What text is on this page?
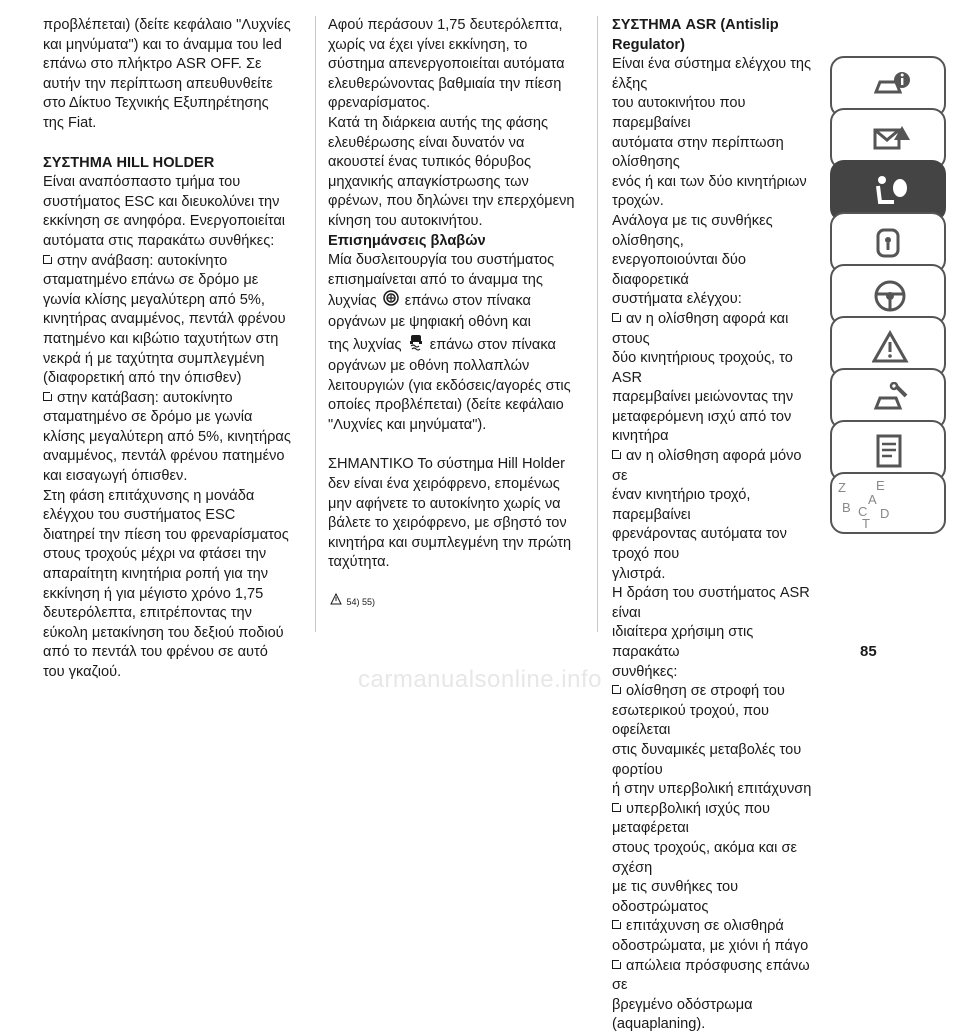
προβλέπεται) (δείτε κεφάλαιο "Λυχνίες

και μηνύματα") και το άναμμα του led

επάνω στο πλήκτρο ASR OFF. Σε

αυτήν την περίπτωση απευθυνθείτε

στο Δίκτυο Τεχνικής Εξυπηρέτησης

της Fiat.

ΣΥΣΤΗΜΑ HILL HOLDER

Είναι αναπόσπαστο τμήμα του

συστήματος ESC και διευκολύνει την

εκκίνηση σε ανηφόρα. Ενεργοποιείται

αυτόματα στις παρακάτω συνθήκες:

στην ανάβαση: αυτοκίνητο

σταματημένο επάνω σε δρόμο με

γωνία κλίσης μεγαλύτερη από 5%,

κινητήρας αναμμένος, πεντάλ φρένου

πατημένο και κιβώτιο ταχυτήτων στη

νεκρά ή με ταχύτητα συμπλεγμένη

(διαφορετική από την όπισθεν)

στην κατάβαση: αυτοκίνητο

σταματημένο σε δρόμο με γωνία

κλίσης μεγαλύτερη από 5%, κινητήρας

αναμμένος, πεντάλ φρένου πατημένο

και εισαγωγή όπισθεν.

Στη φάση επιτάχυνσης η μονάδα

ελέγχου του συστήματος ESC

διατηρεί την πίεση του φρεναρίσματος

στους τροχούς μέχρι να φτάσει την

απαραίτητη κινητήρια ροπή για την

εκκίνηση ή για μέγιστο χρόνο 1,75

δευτερόλεπτα, επιτρέποντας την

εύκολη μετακίνηση του δεξιού ποδιού

από το πεντάλ του φρένου σε αυτό

του γκαζιού.

Αφού περάσουν 1,75 δευτερόλεπτα,

χωρίς να έχει γίνει εκκίνηση, το

σύστημα απενεργοποιείται αυτόματα

ελευθερώνοντας βαθμιαία την πίεση

φρεναρίσματος.

Κατά τη διάρκεια αυτής της φάσης

ελευθέρωσης είναι δυνατόν να

ακουστεί ένας τυπικός θόρυβος

μηχανικής απαγκίστρωσης των

φρένων, που δηλώνει την επερχόμενη

κίνηση του αυτοκινήτου.

Επισημάνσεις βλαβών

Μία δυσλειτουργία του συστήματος

επισημαίνεται από το άναμμα της

λυχνίας επάνω στον πίνακα

οργάνων με ψηφιακή οθόνη και

της λυχνίας επάνω στον πίνακα

οργάνων με οθόνη πολλαπλών

λειτουργιών (για εκδόσεις/αγορές στις

οποίες προβλέπεται) (δείτε κεφάλαιο

"Λυχνίες και μηνύματα").

ΣΗΜΑΝΤΙΚΟ Το σύστημα Hill Holder

δεν είναι ένα χειρόφρενο, επομένως

μην αφήνετε το αυτοκίνητο χωρίς να

βάλετε το χειρόφρενο, με σβηστό τον

κινητήρα και συμπλεγμένη την πρώτη

ταχύτητα.

54) 55)

ΣΥΣΤΗΜΑ ASR (Antislip Regulator)

Είναι ένα σύστημα ελέγχου της έλξης

του αυτοκινήτου που παρεμβαίνει

αυτόματα στην περίπτωση ολίσθησης

ενός ή και των δύο κινητήριων

τροχών.

Ανάλογα με τις συνθήκες ολίσθησης,

ενεργοποιούνται δύο διαφορετικά

συστήματα ελέγχου:

αν η ολίσθηση αφορά και στους

δύο κινητήριους τροχούς, το ASR

παρεμβαίνει μειώνοντας την

μεταφερόμενη ισχύ από τον κινητήρα

αν η ολίσθηση αφορά μόνο σε

έναν κινητήριο τροχό, παρεμβαίνει

φρενάροντας αυτόματα τον τροχό που

γλιστρά.

Η δράση του συστήματος ASR είναι

ιδιαίτερα χρήσιμη στις παρακάτω

συνθήκες:

ολίσθηση σε στροφή του

εσωτερικού τροχού, που οφείλεται

στις δυναμικές μεταβολές του φορτίου

ή στην υπερβολική επιτάχυνση

υπερβολική ισχύς που μεταφέρεται

στους τροχούς, ακόμα και σε σχέση

με τις συνθήκες του οδοστρώματος

επιτάχυνση σε ολισθηρά

οδοστρώματα, με χιόνι ή πάγο

απώλεια πρόσφυσης επάνω σε

βρεγμένο οδόστρωμα (aquaplaning).

Z E
B C
T
D
A
85
carmanualsonline.info
